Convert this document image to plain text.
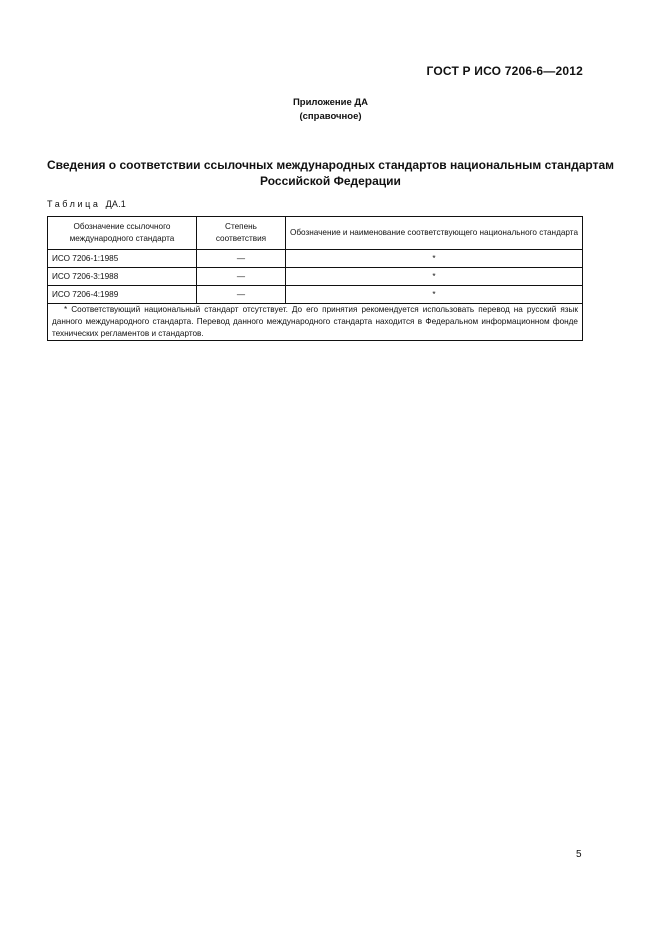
ГОСТ Р ИСО 7206-6—2012
Приложение ДА
(справочное)
Сведения о соответствии ссылочных международных стандартов национальным стандартам
Российской Федерации
Таблица ДА.1
Обозначение ссылочного международного стандарта	Степень соответствия	Обозначение и наименование соответствующего национального стандарта
ИСО 7206-1:1985	—	*
ИСО 7206-3:1988	—	*
ИСО 7206-4:1989	—	*
* Соответствующий национальный стандарт отсутствует. До его принятия рекомендуется использовать перевод на русский язык данного международного стандарта. Перевод данного международного стандарта находится в Федеральном информационном фонде технических регламентов и стандартов.		
5
